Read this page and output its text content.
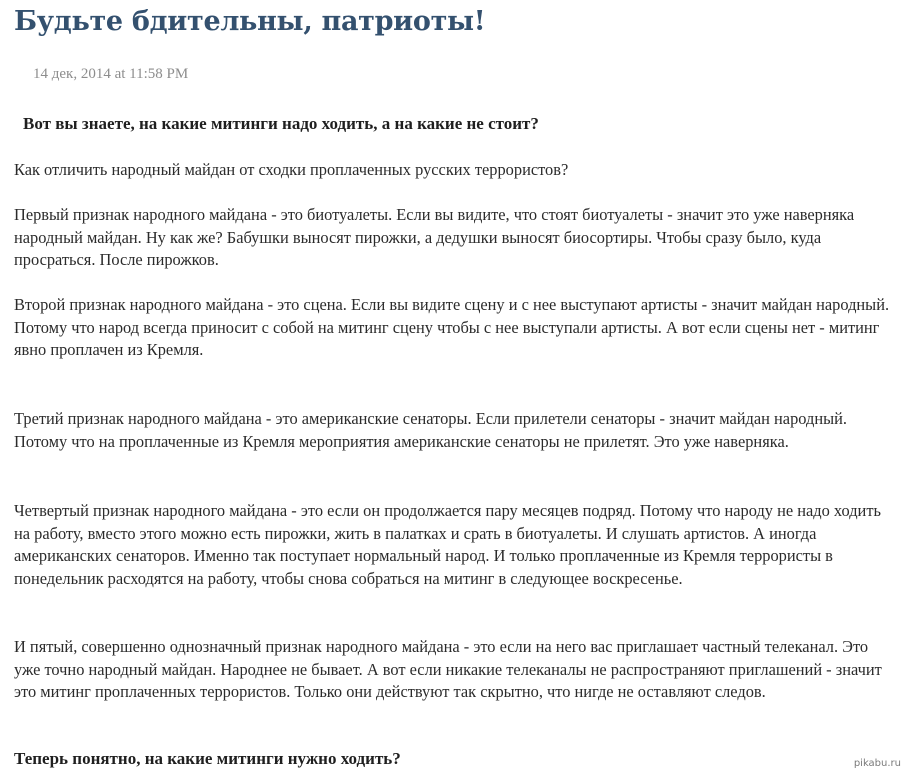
Будьте бдительны, патриоты!
14 дек, 2014 at 11:58 PM

Вот вы знаете, на какие митинги надо ходить, а на какие не стоит?

Как отличить народный майдан от сходки проплаченных русских террористов?

Первый признак народного майдана - это биотуалеты. Если вы видите, что стоят биотуалеты - значит это уже наверняка народный майдан. Ну как же? Бабушки выносят пирожки, а дедушки выносят биосортиры. Чтобы сразу было, куда просраться. После пирожков.

Второй признак народного майдана - это сцена. Если вы видите сцену и с нее выступают артисты - значит майдан народный. Потому что народ всегда приносит с собой на митинг сцену чтобы с нее выступали артисты. А вот если сцены нет - митинг явно проплачен из Кремля.

Третий признак народного майдана - это американские сенаторы. Если прилетели сенаторы - значит майдан народный. Потому что на проплаченные из Кремля мероприятия американские сенаторы не прилетят. Это уже наверняка.

Четвертый признак народного майдана - это если он продолжается пару месяцев подряд. Потому что народу не надо ходить на работу, вместо этого можно есть пирожки, жить в палатках и срать в биотуалеты. И слушать артистов. А иногда американских сенаторов. Именно так поступает нормальный народ. И только проплаченные из Кремля террористы в понедельник расходятся на работу, чтобы снова собраться на митинг в следующее воскресенье.

И пятый, совершенно однозначный признак народного майдана - это если на него вас приглашает частный телеканал. Это уже точно народный майдан. Народнее не бывает. А вот если никакие телеканалы не распространяют приглашений - значит это митинг проплаченных террористов. Только они действуют так скрытно, что нигде не оставляют следов.

Теперь понятно, на какие митинги нужно ходить?	pikabu.ru
